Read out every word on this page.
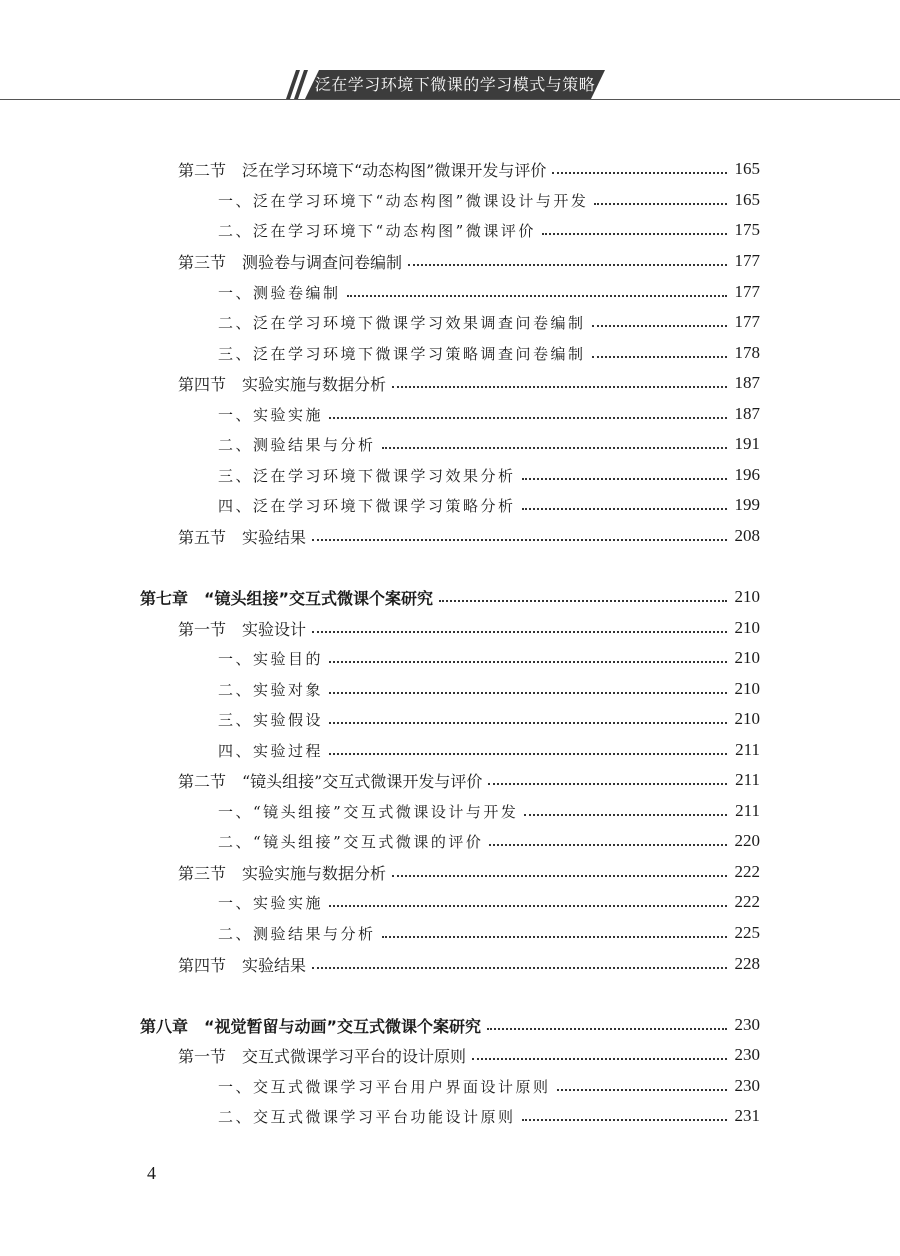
泛在学习环境下微课的学习模式与策略
第二节　泛在学习环境下“动态构图”微课开发与评价	165
一、泛在学习环境下“动态构图”微课设计与开发	165
二、泛在学习环境下“动态构图”微课评价	175
第三节　测验卷与调查问卷编制	177
一、测验卷编制	177
二、泛在学习环境下微课学习效果调查问卷编制	177
三、泛在学习环境下微课学习策略调查问卷编制	178
第四节　实验实施与数据分析	187
一、实验实施	187
二、测验结果与分析	191
三、泛在学习环境下微课学习效果分析	196
四、泛在学习环境下微课学习策略分析	199
第五节　实验结果	208
第七章　“镜头组接”交互式微课个案研究	210
第一节　实验设计	210
一、实验目的	210
二、实验对象	210
三、实验假设	210
四、实验过程	211
第二节　“镜头组接”交互式微课开发与评价	211
一、“镜头组接”交互式微课设计与开发	211
二、“镜头组接”交互式微课的评价	220
第三节　实验实施与数据分析	222
一、实验实施	222
二、测验结果与分析	225
第四节　实验结果	228
第八章　“视觉暂留与动画”交互式微课个案研究	230
第一节　交互式微课学习平台的设计原则	230
一、交互式微课学习平台用户界面设计原则	230
二、交互式微课学习平台功能设计原则	231
4
